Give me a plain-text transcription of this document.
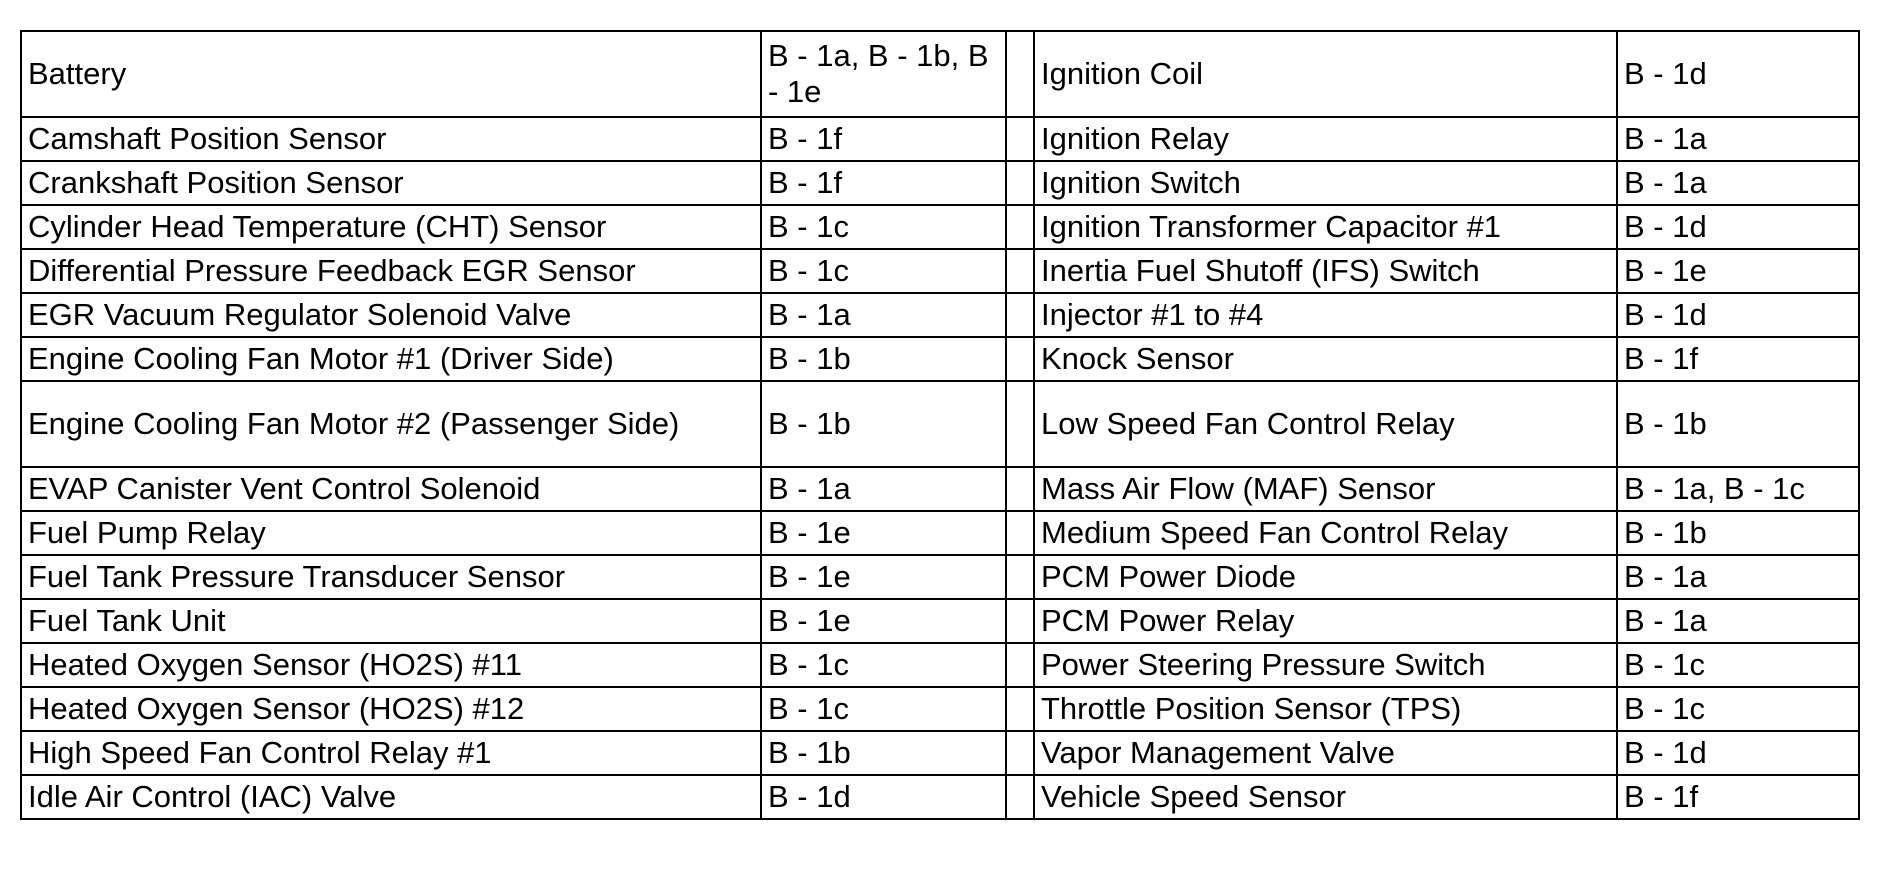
Battery	B - 1a, B - 1b, B - 1e		Ignition Coil	B - 1d
Camshaft Position Sensor	B - 1f		Ignition Relay	B - 1a
Crankshaft Position Sensor	B - 1f		Ignition Switch	B - 1a
Cylinder Head Temperature (CHT) Sensor	B - 1c		Ignition Transformer Capacitor #1	B - 1d
Differential Pressure Feedback EGR Sensor	B - 1c		Inertia Fuel Shutoff (IFS) Switch	B - 1e
EGR Vacuum Regulator Solenoid Valve	B - 1a		Injector #1 to #4	B - 1d
Engine Cooling Fan Motor #1 (Driver Side)	B - 1b		Knock Sensor	B - 1f
Engine Cooling Fan Motor #2 (Passenger Side)	B - 1b		Low Speed Fan Control Relay	B - 1b
EVAP Canister Vent Control Solenoid	B - 1a		Mass Air Flow (MAF) Sensor	B - 1a, B - 1c
Fuel Pump Relay	B - 1e		Medium Speed Fan Control Relay	B - 1b
Fuel Tank Pressure Transducer Sensor	B - 1e		PCM Power Diode	B - 1a
Fuel Tank Unit	B - 1e		PCM Power Relay	B - 1a
Heated Oxygen Sensor (HO2S) #11	B - 1c		Power Steering Pressure Switch	B - 1c
Heated Oxygen Sensor (HO2S) #12	B - 1c		Throttle Position Sensor (TPS)	B - 1c
High Speed Fan Control Relay #1	B - 1b		Vapor Management Valve	B - 1d
Idle Air Control (IAC) Valve	B - 1d		Vehicle Speed Sensor	B - 1f
